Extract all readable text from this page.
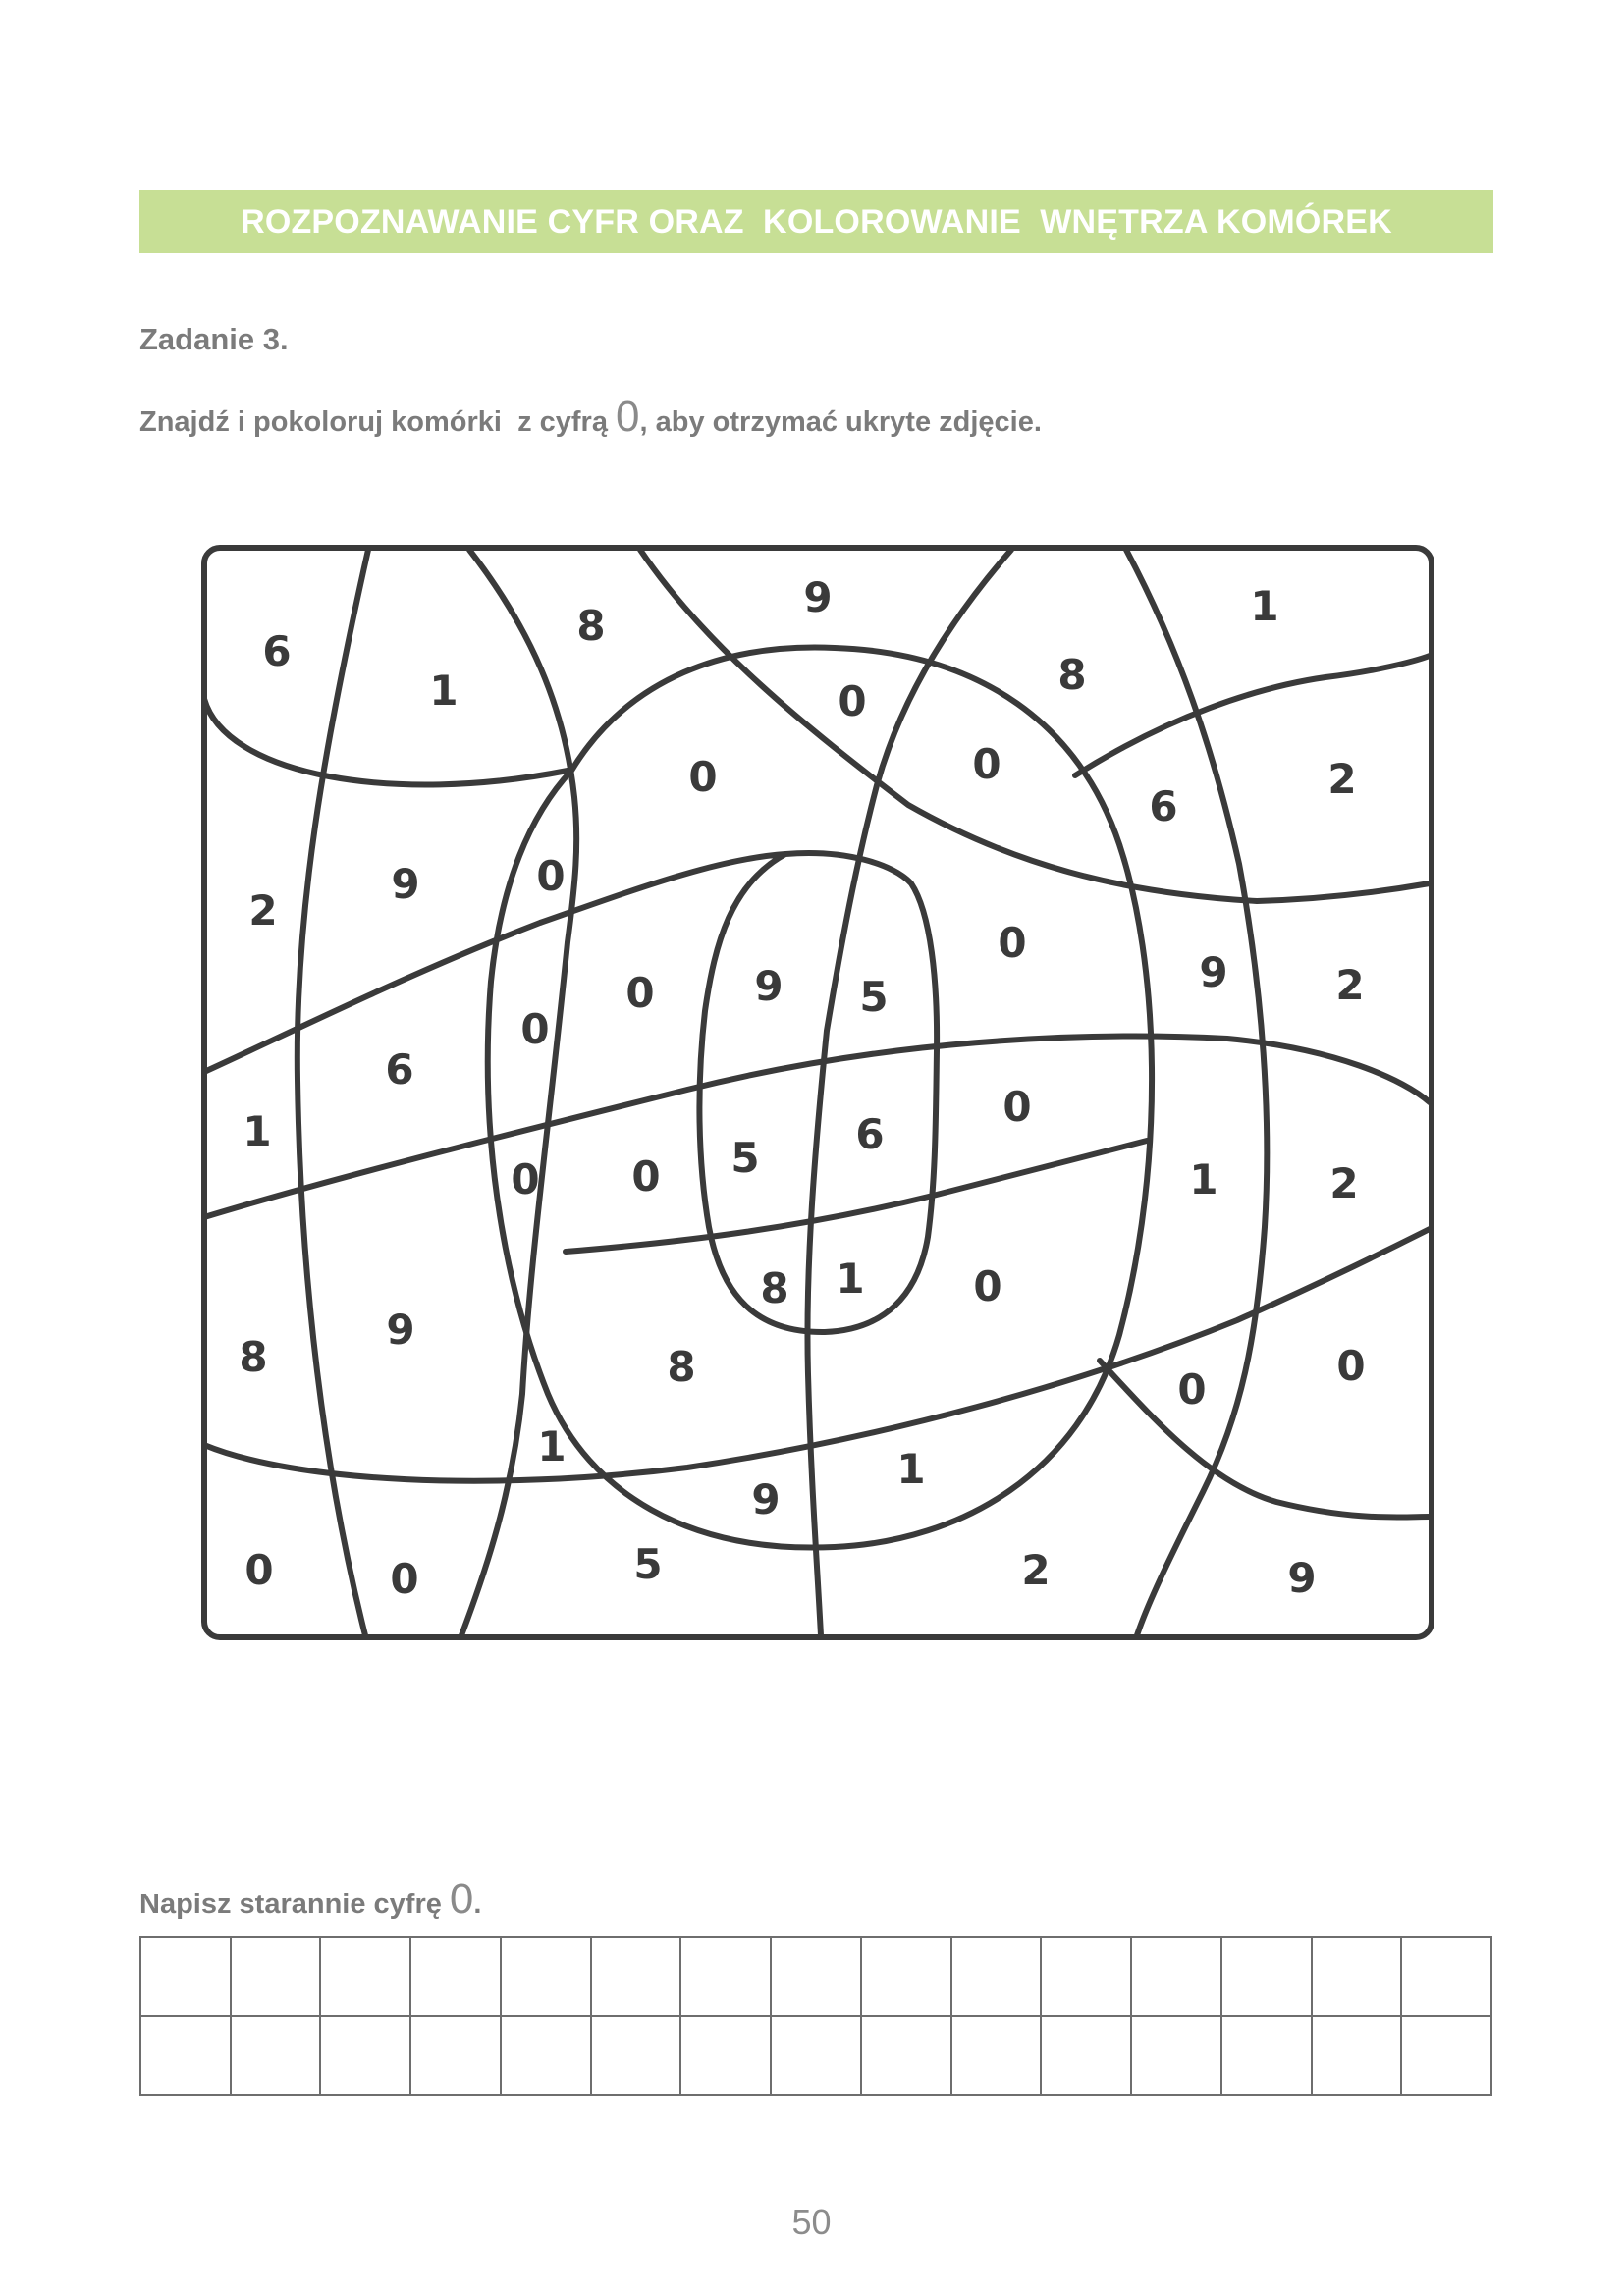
ROZPOZNAWANIE CYFR ORAZ  KOLOROWANIE  WNĘTRZA KOMÓREK
Zadanie 3.
Znajdź i pokoloruj komórki  z cyfrą 0, aby otrzymać ukryte zdjęcie.
6
1
8
9
8
1
0
0	0
6
2
2
9	0
0
9	2
0
9 5
1
6
0
0
1
0 0 5 6
0
2
8
9
8 1
8	0	0
1
9
1
0	0	5	2	9
Napisz starannie cyfrę 0.
50
